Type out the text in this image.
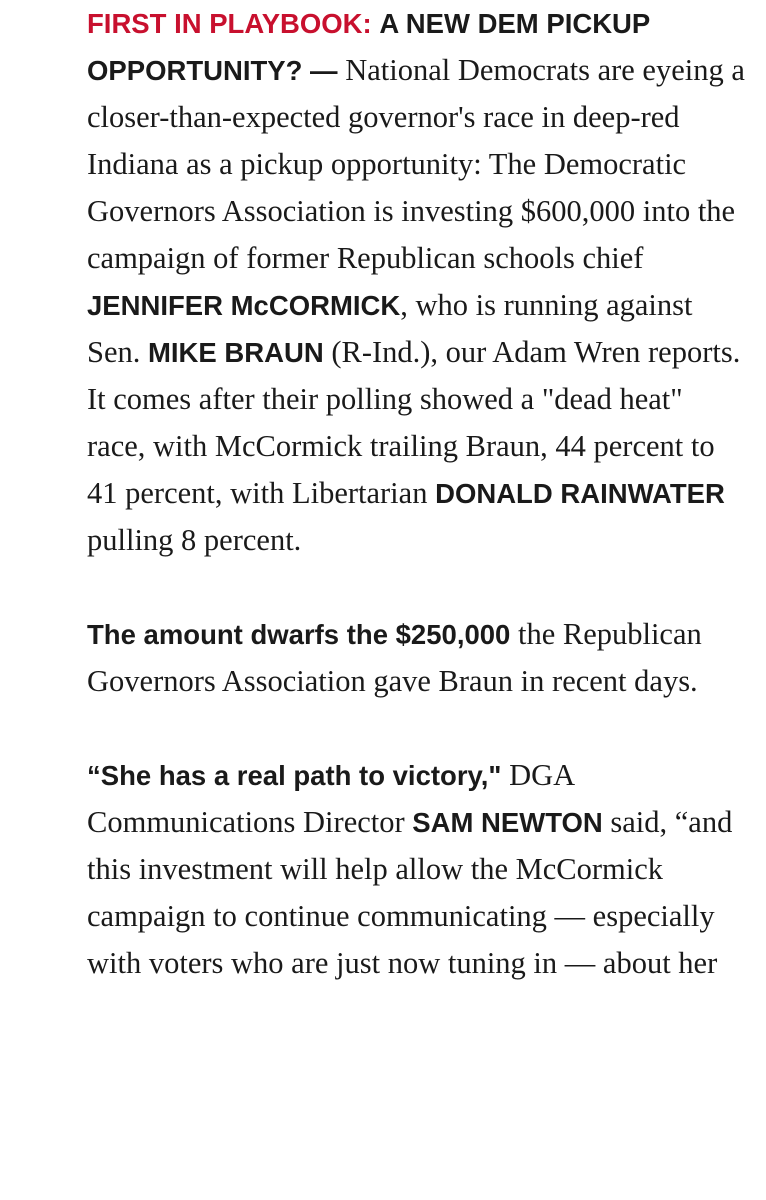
FIRST IN PLAYBOOK: A NEW DEM PICKUP OPPORTUNITY? — National Democrats are eyeing a closer-than-expected governor's race in deep-red Indiana as a pickup opportunity: The Democratic Governors Association is investing $600,000 into the campaign of former Republican schools chief JENNIFER McCORMICK, who is running against Sen. MIKE BRAUN (R-Ind.), our Adam Wren reports. It comes after their polling showed a "dead heat" race, with McCormick trailing Braun, 44 percent to 41 percent, with Libertarian DONALD RAINWATER pulling 8 percent.

The amount dwarfs the $250,000 the Republican Governors Association gave Braun in recent days.

“She has a real path to victory," DGA Communications Director SAM NEWTON said, “and this investment will help allow the McCormick campaign to continue communicating — especially with voters who are just now tuning in — about her
